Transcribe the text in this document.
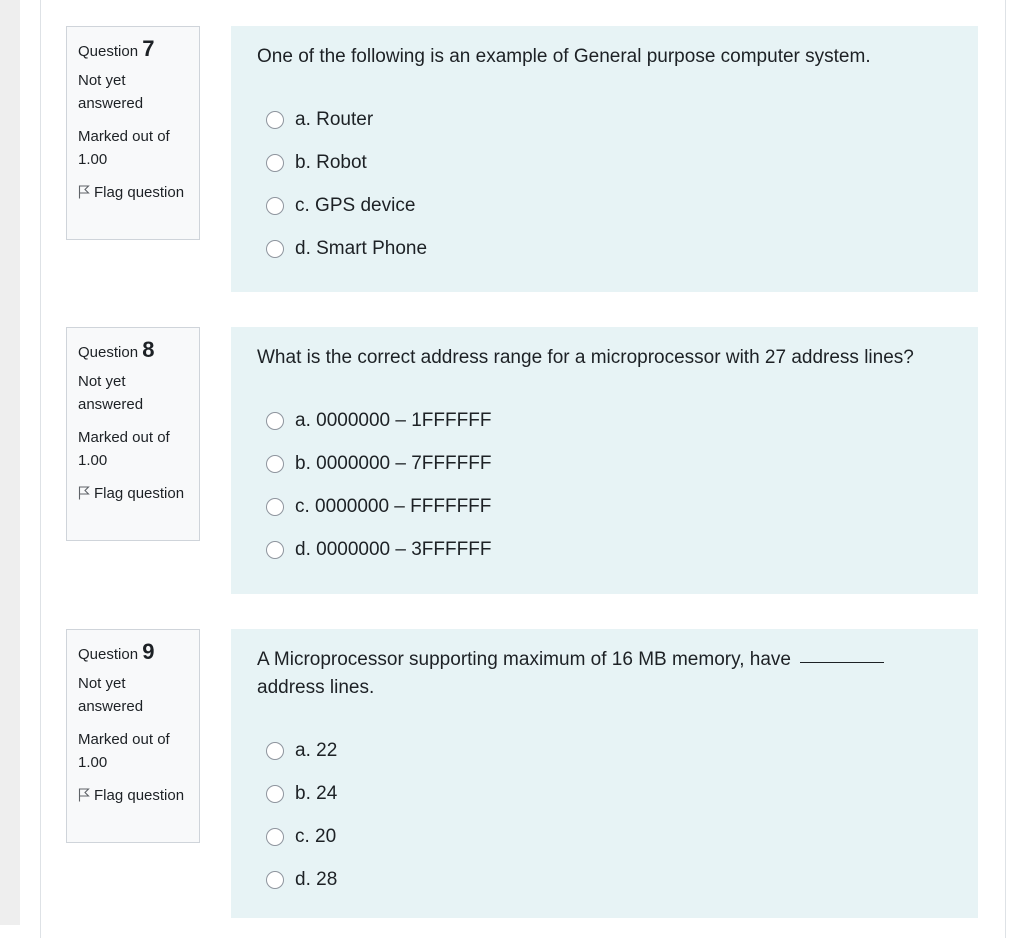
Question 7
Not yet answered
Marked out of 1.00
Flag question

One of the following is an example of General purpose computer system.

a. Router
b. Robot
c. GPS device
d. Smart Phone
Question 8
Not yet answered
Marked out of 1.00
Flag question

What is the correct address range for a microprocessor with 27 address lines?

a. 0000000 – 1FFFFFF
b. 0000000 – 7FFFFFF
c. 0000000 – FFFFFFF
d. 0000000 – 3FFFFFF
Question 9
Not yet answered
Marked out of 1.00
Flag question

A Microprocessor supporting maximum of 16 MB memory, have
address lines.

a. 22
b. 24
c. 20
d. 28
